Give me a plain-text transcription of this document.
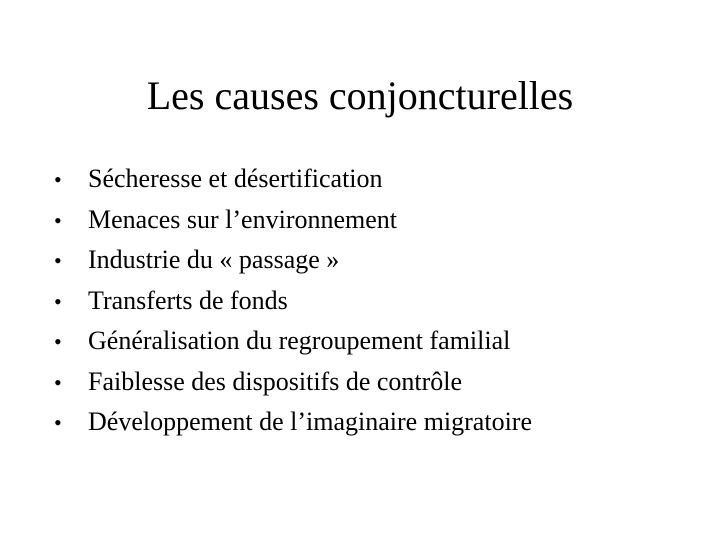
Les causes conjoncturelles
•	Sécheresse et désertification
•	Menaces sur l’environnement
•	Industrie du « passage »
•	Transferts de fonds
•	Généralisation du regroupement familial
•	Faiblesse des dispositifs de contrôle
•	Développement de l’imaginaire migratoire
